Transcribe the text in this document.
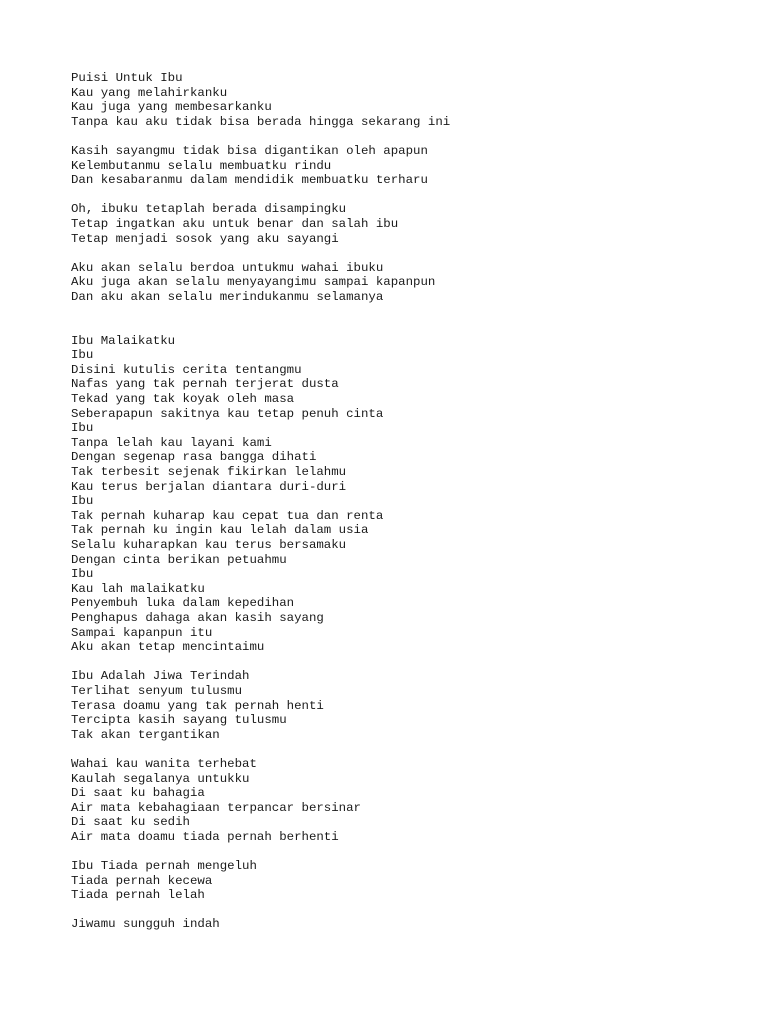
Puisi Untuk Ibu
Kau yang melahirkanku
Kau juga yang membesarkanku
Tanpa kau aku tidak bisa berada hingga sekarang ini
Kasih sayangmu tidak bisa digantikan oleh apapun
Kelembutanmu selalu membuatku rindu
Dan kesabaranmu dalam mendidik membuatku terharu
Oh, ibuku tetaplah berada disampingku
Tetap ingatkan aku untuk benar dan salah ibu
Tetap menjadi sosok yang aku sayangi
Aku akan selalu berdoa untukmu wahai ibuku
Aku juga akan selalu menyayangimu sampai kapanpun
Dan aku akan selalu merindukanmu selamanya
Ibu Malaikatku
Ibu
Disini kutulis cerita tentangmu
Nafas yang tak pernah terjerat dusta
Tekad yang tak koyak oleh masa
Seberapapun sakitnya kau tetap penuh cinta
Ibu
Tanpa lelah kau layani kami
Dengan segenap rasa bangga dihati
Tak terbesit sejenak fikirkan lelahmu
Kau terus berjalan diantara duri-duri
Ibu
Tak pernah kuharap kau cepat tua dan renta
Tak pernah ku ingin kau lelah dalam usia
Selalu kuharapkan kau terus bersamaku
Dengan cinta berikan petuahmu
Ibu
Kau lah malaikatku
Penyembuh luka dalam kepedihan
Penghapus dahaga akan kasih sayang
Sampai kapanpun itu
Aku akan tetap mencintaimu
Ibu Adalah Jiwa Terindah
Terlihat senyum tulusmu
Terasa doamu yang tak pernah henti
Tercipta kasih sayang tulusmu
Tak akan tergantikan
Wahai kau wanita terhebat
Kaulah segalanya untukku
Di saat ku bahagia
Air mata kebahagiaan terpancar bersinar
Di saat ku sedih
Air mata doamu tiada pernah berhenti
Ibu Tiada pernah mengeluh
Tiada pernah kecewa
Tiada pernah lelah
Jiwamu sungguh indah
